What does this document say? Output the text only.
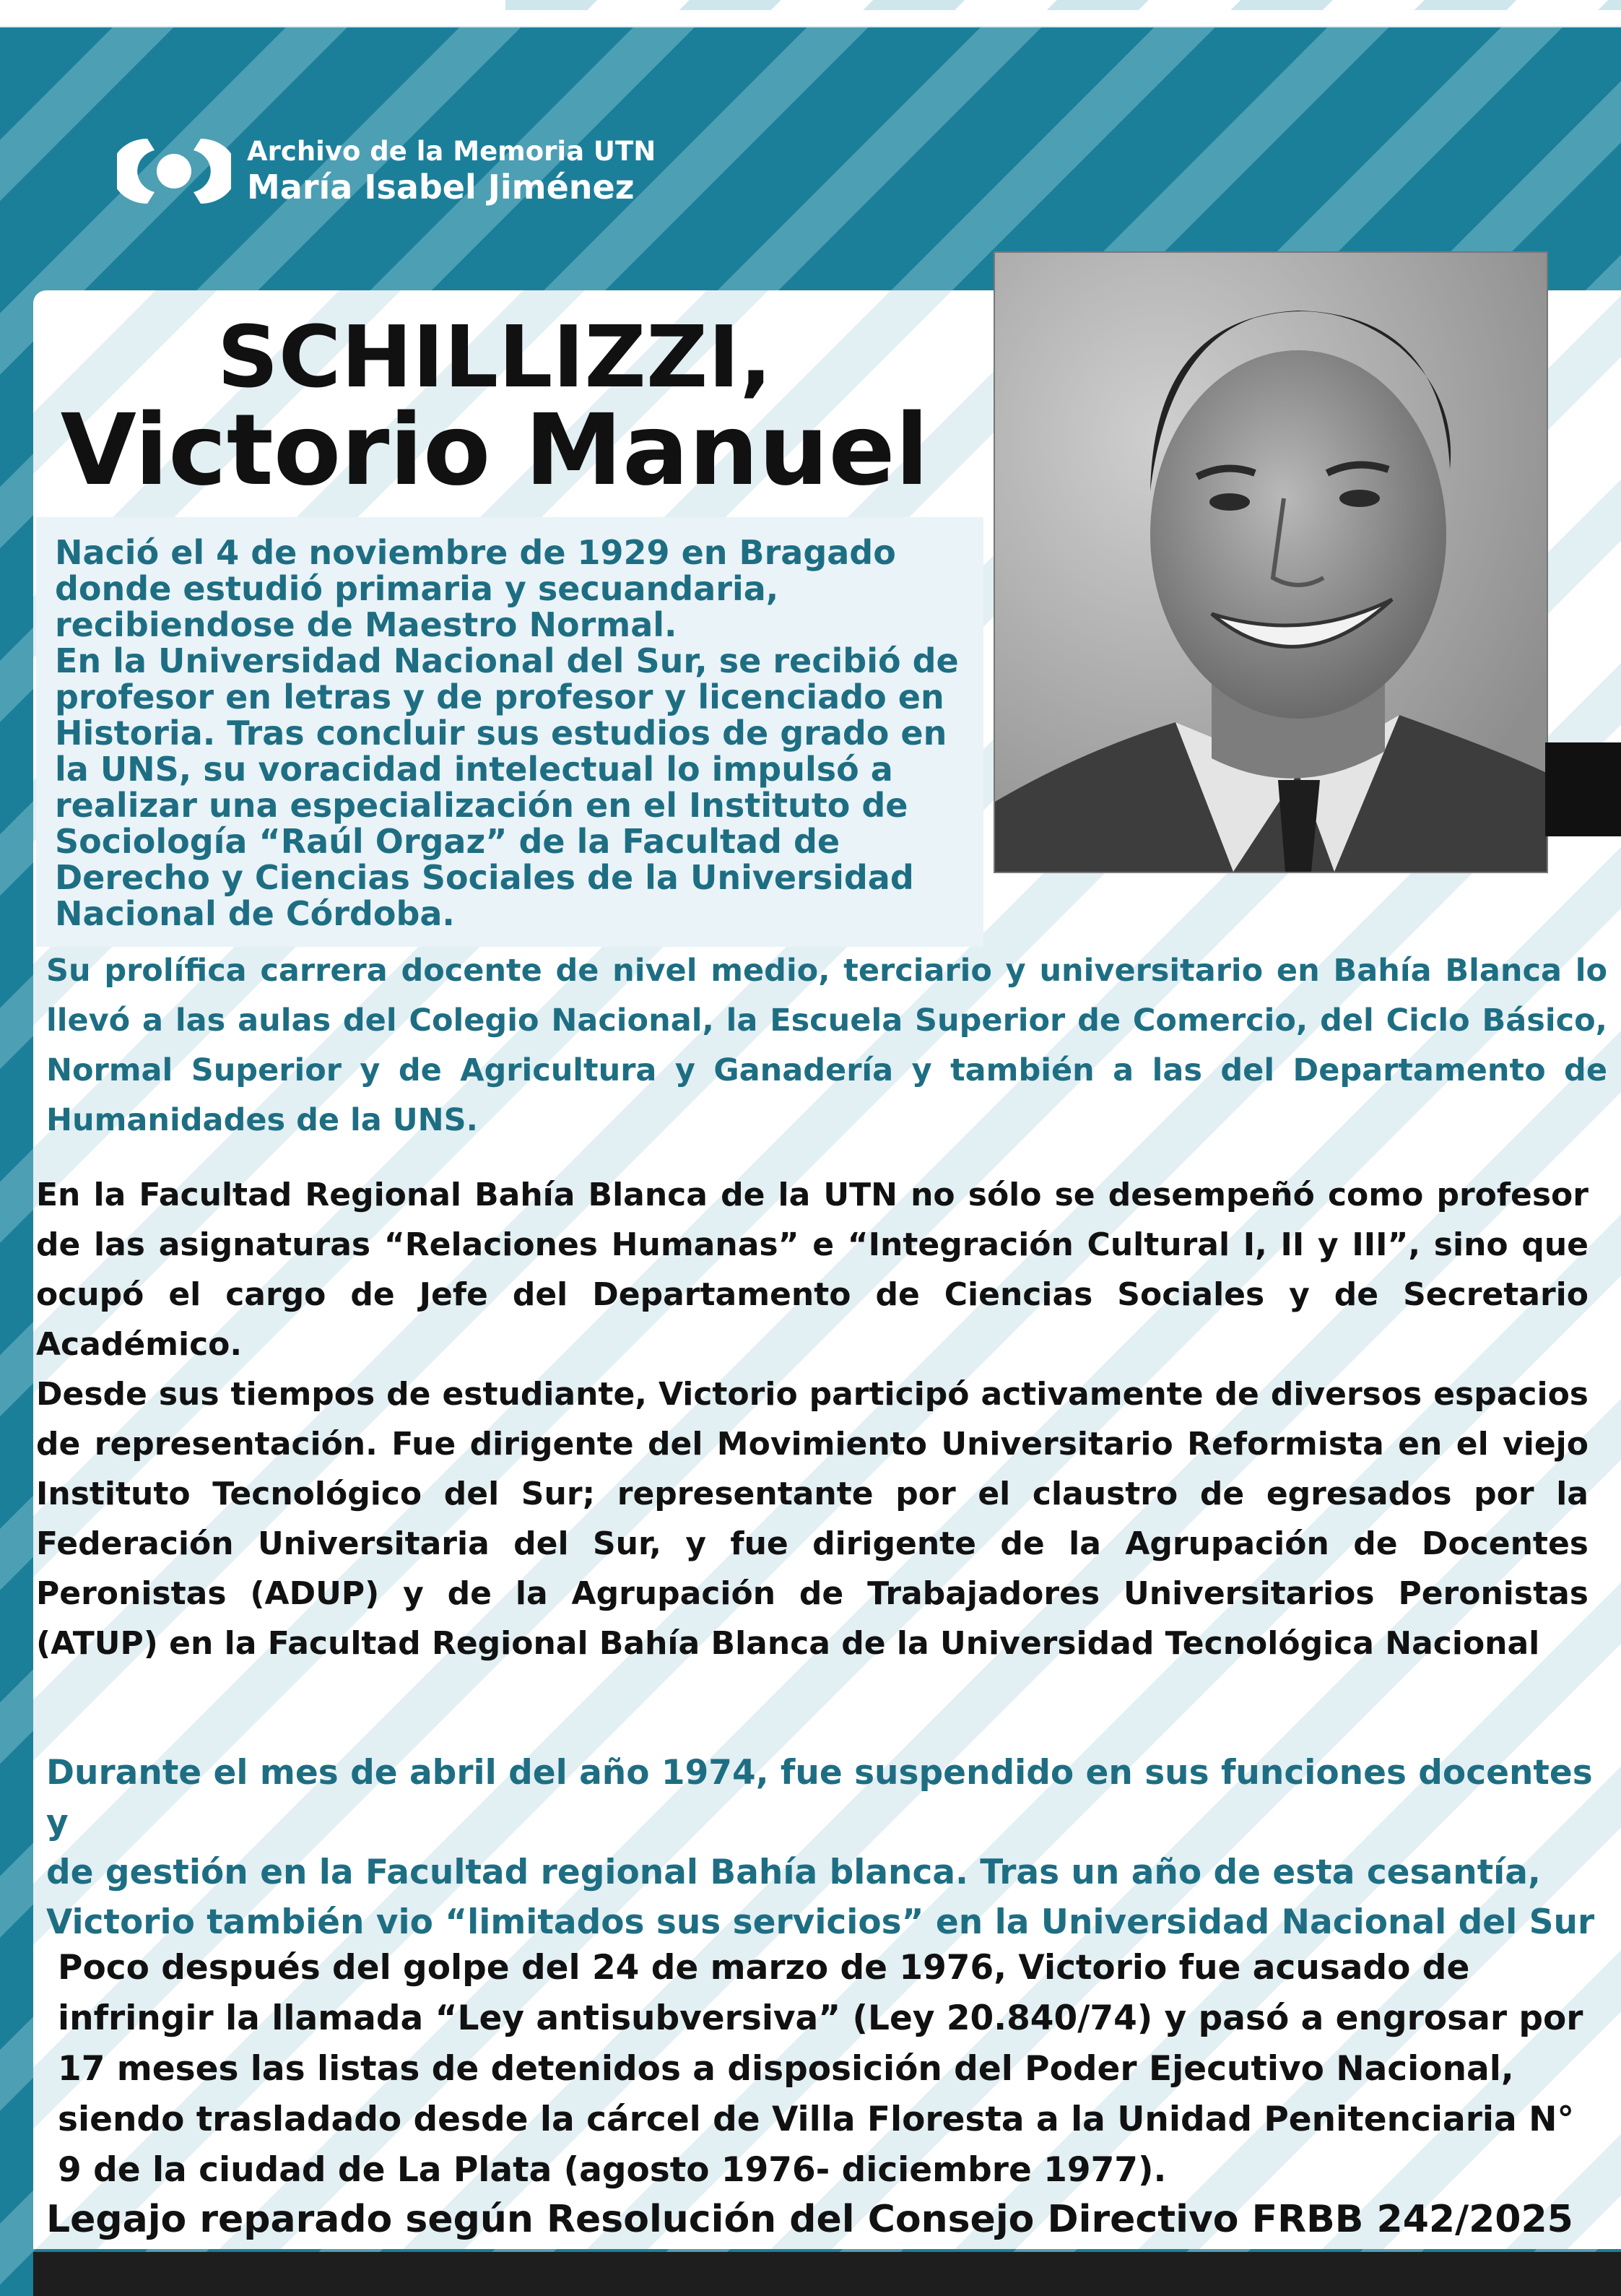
Archivo de la Memoria UTN
María Isabel Jiménez
SCHILLIZZI,
Victorio Manuel
Nació el 4 de noviembre de 1929 en Bragado
donde estudió primaria y secuandaria,
recibiendose de Maestro Normal.
En la Universidad Nacional del Sur, se recibió de
profesor en letras y de profesor y licenciado en
Historia. Tras concluir sus estudios de grado en
la UNS, su voracidad intelectual lo impulsó a
realizar una especialización en el Instituto de
Sociología “Raúl Orgaz” de la Facultad de
Derecho y Ciencias Sociales de la Universidad
Nacional de Córdoba.
Su prolífica carrera docente de nivel medio, terciario y universitario en Bahía Blanca lo llevó a las aulas del Colegio Nacional, la Escuela Superior de Comercio, del Ciclo Básico, Normal Superior y de Agricultura y Ganadería y también a las del Departamento de Humanidades de la UNS.
En la Facultad Regional Bahía Blanca de la UTN no sólo se desempeñó como profesor de las asignaturas “Relaciones Humanas” e “Integración Cultural I, II y III”, sino que ocupó el cargo de Jefe del Departamento de Ciencias Sociales y de Secretario Académico.
Desde sus tiempos de estudiante, Victorio participó activamente de diversos espacios de representación. Fue dirigente del Movimiento Universitario Reformista en el viejo Instituto Tecnológico del Sur; representante por el claustro de egresados por la Federación Universitaria del Sur, y fue dirigente de la Agrupación de Docentes Peronistas (ADUP) y de la Agrupación de Trabajadores Universitarios Peronistas (ATUP) en la Facultad Regional Bahía Blanca de la Universidad Tecnológica Nacional
Durante el mes de abril del año 1974, fue suspendido en sus funciones docentes y
de gestión en la Facultad regional Bahía blanca. Tras un año de esta cesantía,
Victorio también vio “limitados sus servicios” en la Universidad Nacional del Sur
Poco después del golpe del 24 de marzo de 1976, Victorio fue acusado de
infringir la llamada “Ley antisubversiva” (Ley 20.840/74) y pasó a engrosar por
17 meses las listas de detenidos a disposición del Poder Ejecutivo Nacional,
siendo trasladado desde la cárcel de Villa Floresta a la Unidad Penitenciaria N°
9 de la ciudad de La Plata (agosto 1976- diciembre 1977).
Legajo reparado según Resolución del Consejo Directivo FRBB 242/2025
